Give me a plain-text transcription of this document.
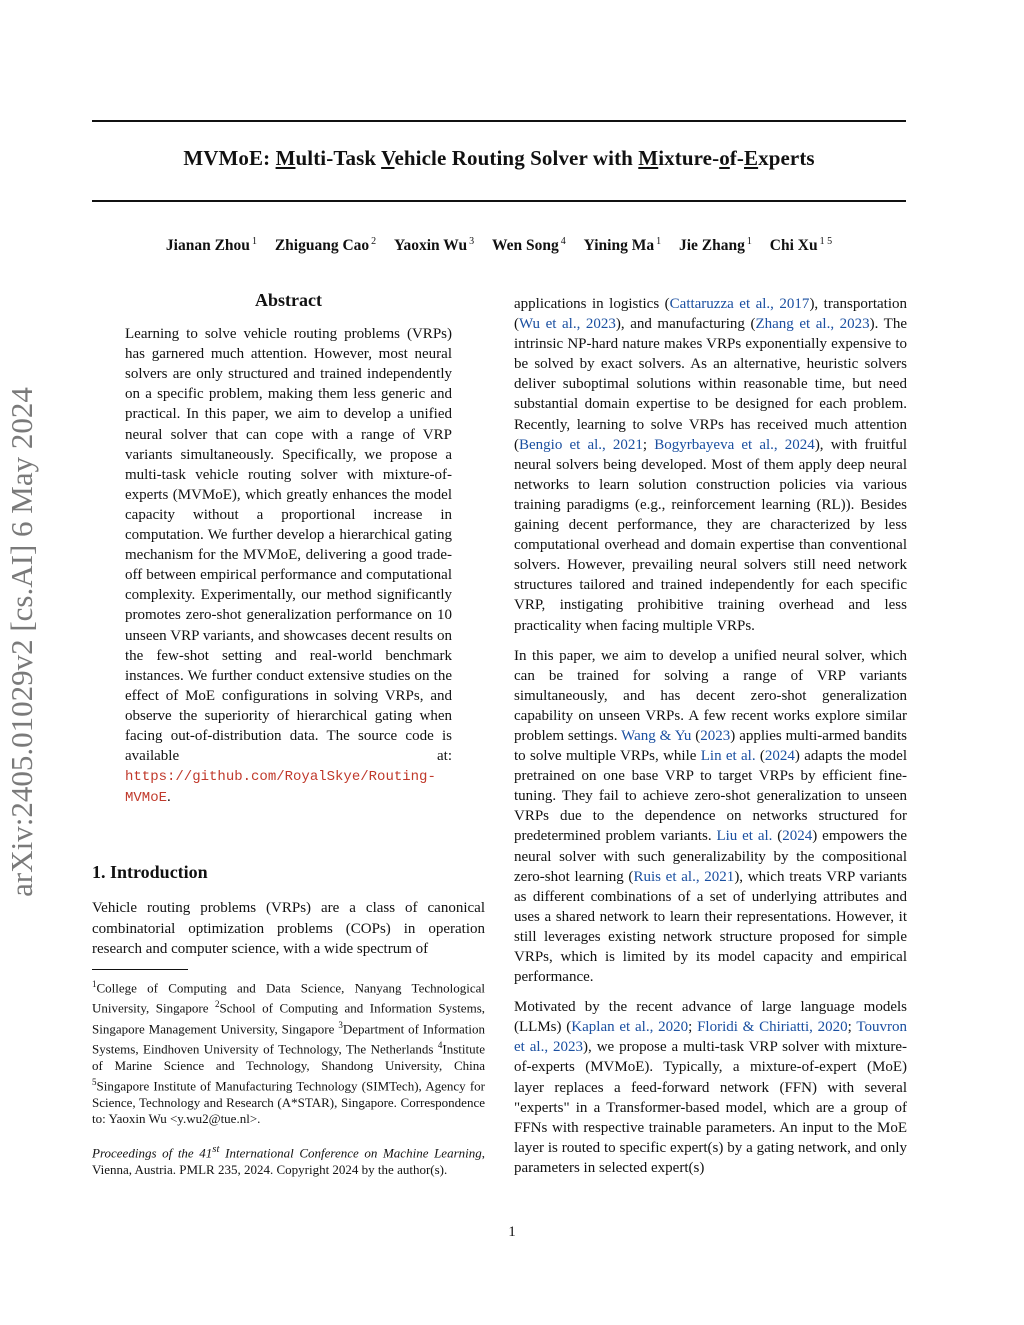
MVMoE: Multi-Task Vehicle Routing Solver with Mixture-of-Experts
Jianan Zhou $^1$ Zhiguang Cao $^2$ Yaoxin Wu $^3$ Wen Song $^4$ Yining Ma $^1$ Jie Zhang $^1$ Chi Xu $^{1 5}$
arXiv:2405.01029v2 [cs.AI] 6 May 2024
Abstract
Learning to solve vehicle routing problems (VRPs) has garnered much attention. However, most neural solvers are only structured and trained independently on a specific problem, making them less generic and practical. In this paper, we aim to develop a unified neural solver that can cope with a range of VRP variants simultaneously. Specifically, we propose a multi-task vehicle routing solver with mixture-of-experts (MVMoE), which greatly enhances the model capacity without a proportional increase in computation. We further develop a hierarchical gating mechanism for the MVMoE, delivering a good trade-off between empirical performance and computational complexity. Experimentally, our method significantly promotes zero-shot generalization performance on 10 unseen VRP variants, and showcases decent results on the few-shot setting and real-world benchmark instances. We further conduct extensive studies on the effect of MoE configurations in solving VRPs, and observe the superiority of hierarchical gating when facing out-of-distribution data. The source code is available at: https://github.com/RoyalSkye/Routing-MVMoE.
1. Introduction

Vehicle routing problems (VRPs) are a class of canonical combinatorial optimization problems (COPs) in operation research and computer science, with a wide spectrum of

$^1$College of Computing and Data Science, Nanyang Technological University, Singapore $^2$School of Computing and Information Systems, Singapore Management University, Singapore $^3$Department of Information Systems, Eindhoven University of Technology, The Netherlands $^4$Institute of Marine Science and Technology, Shandong University, China $^5$Singapore Institute of Manufacturing Technology (SIMTech), Agency for Science, Technology and Research (A*STAR), Singapore. Correspondence to: Yaoxin Wu <y.wu2@tue.nl>.
Proceedings of the 41st International Conference on Machine Learning, Vienna, Austria. PMLR 235, 2024. Copyright 2024 by the author(s).

applications in logistics (Cattaruzza et al., 2017), transportation (Wu et al., 2023), and manufacturing (Zhang et al., 2023). The intrinsic NP-hard nature makes VRPs exponentially expensive to be solved by exact solvers. As an alternative, heuristic solvers deliver suboptimal solutions within reasonable time, but need substantial domain expertise to be designed for each problem. Recently, learning to solve VRPs has received much attention (Bengio et al., 2021; Bogyrbayeva et al., 2024), with fruitful neural solvers being developed. Most of them apply deep neural networks to learn solution construction policies via various training paradigms (e.g., reinforcement learning (RL)). Besides gaining decent performance, they are characterized by less computational overhead and domain expertise than conventional solvers. However, prevailing neural solvers still need network structures tailored and trained independently for each specific VRP, instigating prohibitive training overhead and less practicality when facing multiple VRPs.

In this paper, we aim to develop a unified neural solver, which can be trained for solving a range of VRP variants simultaneously, and has decent zero-shot generalization capability on unseen VRPs. A few recent works explore similar problem settings. Wang & Yu (2023) applies multi-armed bandits to solve multiple VRPs, while Lin et al. (2024) adapts the model pretrained on one base VRP to target VRPs by efficient fine-tuning. They fail to achieve zero-shot generalization to unseen VRPs due to the dependence on networks structured for predetermined problem variants. Liu et al. (2024) empowers the neural solver with such generalizability by the compositional zero-shot learning (Ruis et al., 2021), which treats VRP variants as different combinations of a set of underlying attributes and uses a shared network to learn their representations. However, it still leverages existing network structure proposed for simple VRPs, which is limited by its model capacity and empirical performance.

Motivated by the recent advance of large language models (LLMs) (Kaplan et al., 2020; Floridi & Chiriatti, 2020; Touvron et al., 2023), we propose a multi-task VRP solver with mixture-of-experts (MVMoE). Typically, a mixture-of-expert (MoE) layer replaces a feed-forward network (FFN) with several "experts" in a Transformer-based model, which are a group of FFNs with respective trainable parameters. An input to the MoE layer is routed to specific expert(s) by a gating network, and only parameters in selected expert(s)

1
